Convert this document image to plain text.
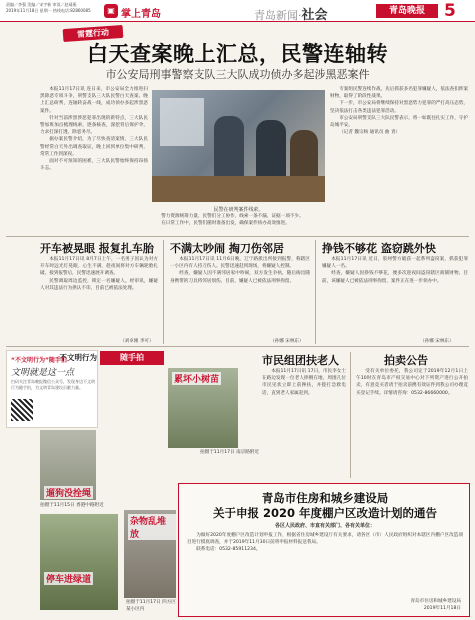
责编／李强 美编／宋宇新 审读／赵靖燕
2019年11月18日 星期一 热线电话:82860085	▣ 掌上青岛	青岛新闻·社会	青岛晚报	5
雷霆行动
白天查案晚上汇总，民警连轴转
市公安局刑事警察支队三大队成功侦办多起涉黑恶案件

本报11月17日讯 连日来，市公安局全力推进扫黑除恶专项斗争，刑警支队三大队民警白天查案、晚上汇总研判，连轴转奋战一线，成功侦办多起涉黑恶案件。

针对当前涉黑涉恶犯罪出现的新特点，三大队民警加班加点梳理线索，逐条核查，深挖背后保护伞，力求打深打透、除恶务尽。

据办案民警介绍，为了尽快查清案情，三大队民警经常白天外出调查取证，晚上回到单位集中研判，常常工作到深夜。

面对不可预知的困难，三大队民警始终保持昂扬斗志。

民警在研判案件线索。

警力资源统筹力量，民警们分工协作，线索一条不漏，证据一项不少。

在日常工作中，民警们随时准备出发，确保案件侦办高效推进。

专案组民警连续作战，先后抓获多名犯罪嫌疑人，依法查扣涉案财物，取得了阶段性战果。

下一步，市公安局将继续保持对黑恶势力犯罪的严打高压态势，坚决依法打击各类违法犯罪活动。

市公安局刑警支队三大队民警表示，将一如既往扎实工作，守护岛城平安。

（记者 魏宗杨 通讯员 曲 青）

开车被晃眼 报复扎车胎

本报11月17日讯 8月7日上午，一名男子因认为对方开车时远光灯晃眼，心生不满，趁夜间将对方车辆轮胎扎破。接到报警后，民警迅速展开调查。

民警调取周边监控，锁定一名嫌疑人。经审讯，嫌疑人对其违法行为供认不讳，目前已被依法处理。

（刘卓刚 李可）
不满太吵闹 掏刀伤邻居

本报11月17日讯 11月6日晚，辽宁路派出所接到报警，称辖区一小区内有人持刀伤人。民警迅速赶到现场，将嫌疑人控制。

经查，嫌疑人因不满邻居家中吵闹，双方发生争执，随后掏出随身携带的刀具将邻居划伤。目前，嫌疑人已被依法刑事拘留。

（孙娜 宋林东）
挣钱不够花 盗窃跳外快

本报11月17日讯 近日，胶州警方破获一起系列盗窃案，抓获犯罪嫌疑人一名。

经查，嫌疑人因挣钱不够花，便多次趁夜间盗窃辖区商铺财物。目前，该嫌疑人已被依法刑事拘留，案件正在进一步侦办中。

（孙娜 宋林东）
“不文明行为”随手拍
文明就是这一点
扫码关注青岛晚报微信公众号，发现身边不文明行为随手拍，为文明青岛建设贡献力量。
不文明行为	随手拍
遛狗没拴绳
拍摄于11月15日 香港中路附近
累坏小树苗
拍摄于11月17日 南京路附近
停车进绿道
杂物乱堆放
拍摄于11月17日 四方区某小区内
市民组团扶老人

本报11月17日讯 17日，市民李女士在路边发现一位老人摔倒在地，周围几位市民见状立即上前搀扶，并拨打急救电话，直到老人家属赶到。

拍卖公告

受有关单位委托，我公司定于2019年12月1日上午10时在青岛市产权交易中心对下列资产进行公开拍卖，有意竞买者请于拍卖前携有效证件到我公司办理竞买登记手续。详情请咨询：0532-86660000。

青岛市住房和城乡建设局
关于申报 2020 年度棚户区改造计划的通告
各区人民政府、市直有关部门、各有关单位：

为做好2020年度棚户区改造计划申报工作，根据省住房城乡建设厅有关要求，请各区（市）人民政府组织对本辖区内棚户区改造项目进行摸底调查，并于2019年11月30日前将申报材料报送我局。

联系电话：0532-85911234。

青岛市住房和城乡建设局
2019年11月18日
